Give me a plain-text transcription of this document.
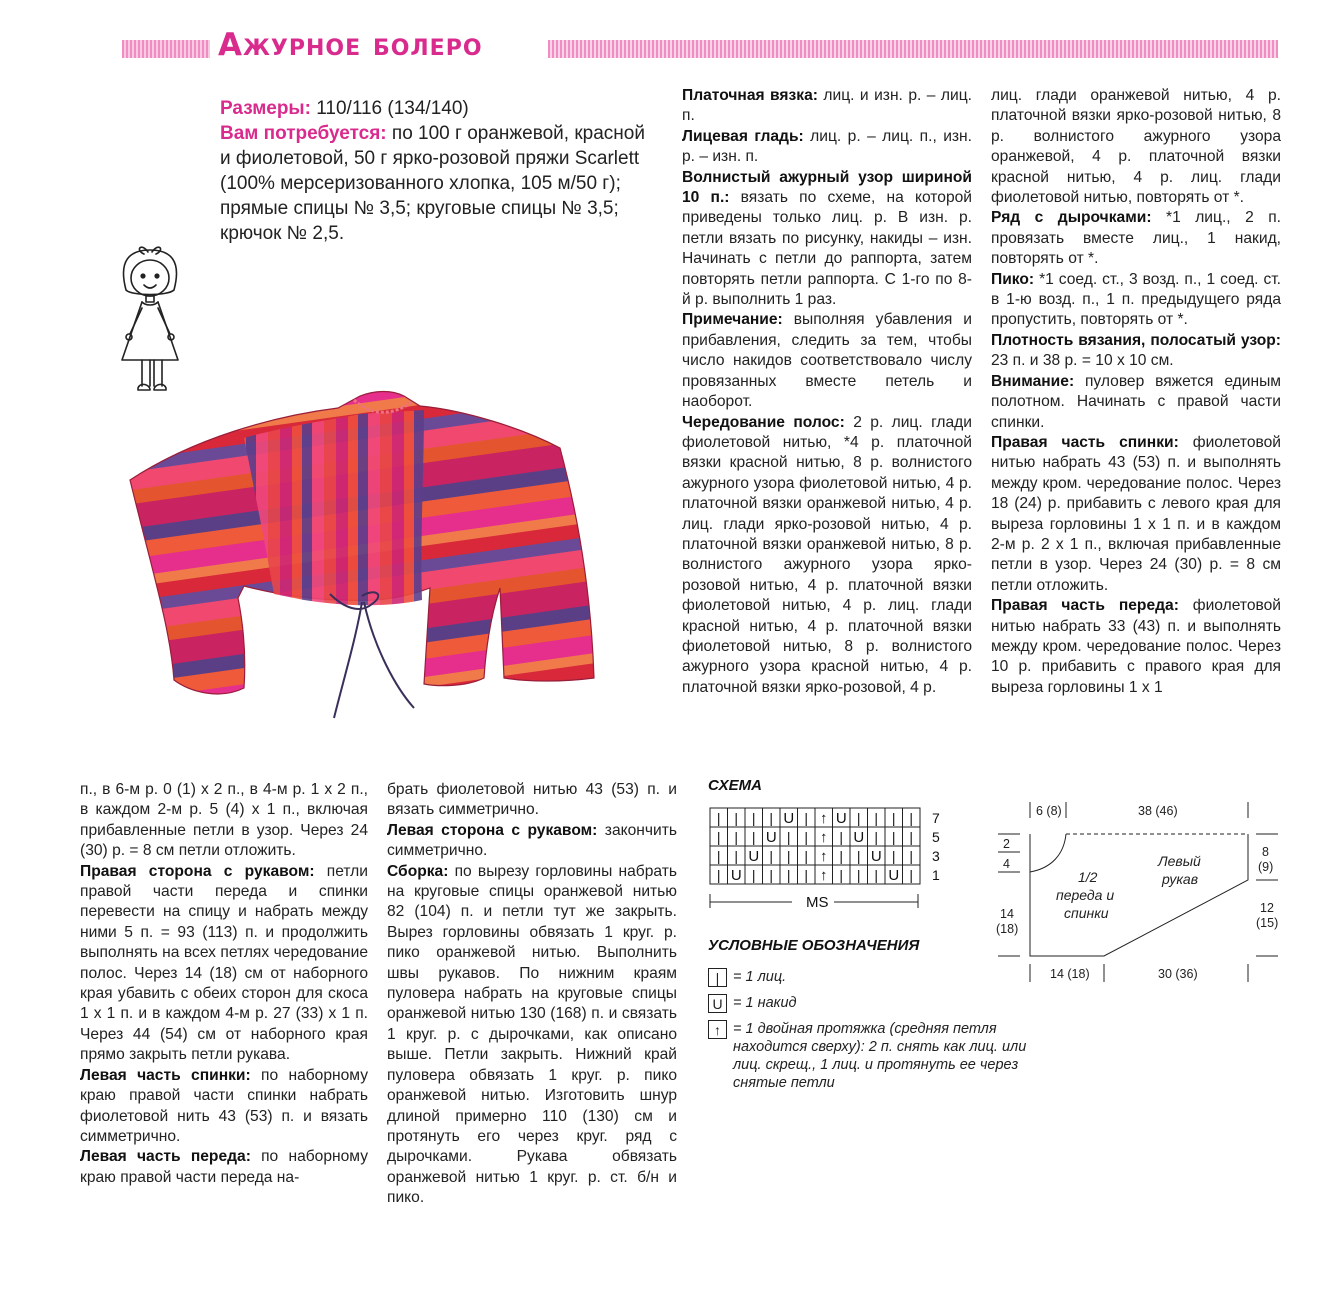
Ажурное болеро
Размеры: 110/116 (134/140)
Вам потребуется: по 100 г оранжевой, красной и фиолетовой, 50 г ярко-розовой пряжи Scarlett (100% мерсеризованного хлопка, 105 м/50 г); прямые спицы № 3,5; круговые спицы № 3,5; крючок № 2,5.

Платочная вязка: лиц. и изн. р. – лиц. п.

Лицевая гладь: лиц. р. – лиц. п., изн. р. – изн. п.

Волнистый ажурный узор шириной 10 п.: вязать по схеме, на которой приведены только лиц. р. В изн. р. петли вязать по рисунку, накиды – изн. Начинать с петли до раппорта, затем повторять петли раппорта. С 1-го по 8-й р. выполнить 1 раз.

Примечание: выполняя убавления и прибавления, следить за тем, чтобы число накидов соответствовало числу провязанных вместе петель и наоборот.

Чередование полос: 2 р. лиц. глади фиолетовой нитью, *4 р. платочной вязки красной нитью, 8 р. волнистого ажурного узора фиолетовой нитью, 4 р. платочной вязки оранжевой нитью, 4 р. лиц. глади ярко-розовой нитью, 4 р. платочной вязки оранжевой нитью, 8 р. волнистого ажурного узора ярко-розовой нитью, 4 р. платочной вязки фиолетовой нитью, 4 р. лиц. глади красной нитью, 4 р. платочной вязки фиолетовой нитью, 8 р. волнистого ажурного узора красной нитью, 4 р. платочной вязки ярко-розовой, 4 р.

лиц. глади оранжевой нитью, 4 р. платочной вязки ярко-розовой нитью, 8 р. волнистого ажурного узора оранжевой, 4 р. платочной вязки красной нитью, 4 р. лиц. глади фиолетовой нитью, повторять от *.

Ряд с дырочками: *1 лиц., 2 п. провязать вместе лиц., 1 накид, повторять от *.

Пико: *1 соед. ст., 3 возд. п., 1 соед. ст. в 1-ю возд. п., 1 п. предыдущего ряда пропустить, повторять от *.

Плотность вязания, полосатый узор: 23 п. и 38 р. = 10 х 10 см.

Внимание: пуловер вяжется единым полотном. Начинать с правой части спинки.

Правая часть спинки: фиолетовой нитью набрать 43 (53) п. и выполнять между кром. чередование полос. Через 18 (24) р. прибавить с левого края для выреза горловины 1 х 1 п. и в каждом 2-м р. 2 х 1 п., включая прибавленные петли в узор. Через 24 (30) р. = 8 см петли отложить.

Правая часть переда: фиолетовой нитью набрать 33 (43) п. и выполнять между кром. чередование полос. Через 10 р. прибавить с правого края для выреза горловины 1 х 1

п., в 6-м р. 0 (1) х 2 п., в 4-м р. 1 х 2 п., в каждом 2-м р. 5 (4) х 1 п., включая прибавленные петли в узор. Через 24 (30) р. = 8 см петли отложить.

Правая сторона с рукавом: петли правой части переда и спинки перевести на спицу и набрать между ними 5 п. = 93 (113) п. и продолжить выполнять на всех петлях чередование полос. Через 14 (18) см от наборного края убавить с обеих сторон для скоса 1 х 1 п. и в каждом 4-м р. 27 (33) х 1 п. Через 44 (54) см от наборного края прямо закрыть петли рукава.

Левая часть спинки: по наборному краю правой части спинки набрать фиолетовой нить 43 (53) п. и вязать симметрично.

Левая часть переда: по наборному краю правой части переда на-

брать фиолетовой нитью 43 (53) п. и вязать симметрично.

Левая сторона с рукавом: закончить симметрично.

Сборка: по вырезу горловины набрать на круговые спицы оранжевой нитью 82 (104) п. и петли тут же закрыть. Вырез горловины обвязать 1 круг. р. пико оранжевой нитью. Выполнить швы рукавов. По нижним краям пуловера набрать на круговые спицы оранжевой нитью 130 (168) п. и связать 1 круг. р. с дырочками, как описано выше. Петли закрыть. Нижний край пуловера обвязать 1 круг. р. пико оранжевой нитью. Изготовить шнур длиной примерно 110 (130) см и протянуть его через круг. ряд с дырочками. Рукава обвязать оранжевой нитью 1 круг. р. ст. б/н и пико.

СХЕМА
| | | | U | ↑ U | | | |
| | | U | | ↑ | U | | |
| | U | | | ↑ | | U | |
| U | | | | ↑ | | | U |
7
5
3
1
MS
УСЛОВНЫЕ ОБОЗНАЧЕНИЯ
| = 1 лиц.
U = 1 накид
↑ = 1 двойная протяжка (средняя петля находится сверху): 2 п. снять как лиц. или лиц. скрещ., 1 лиц. и протянуть ее через снятые петли
6 (8)	38 (46)
2
4
14
(18)
8
(9)
12
(15)
14 (18)	30 (36)
1/2
переда и
спинки
Левый
рукав
